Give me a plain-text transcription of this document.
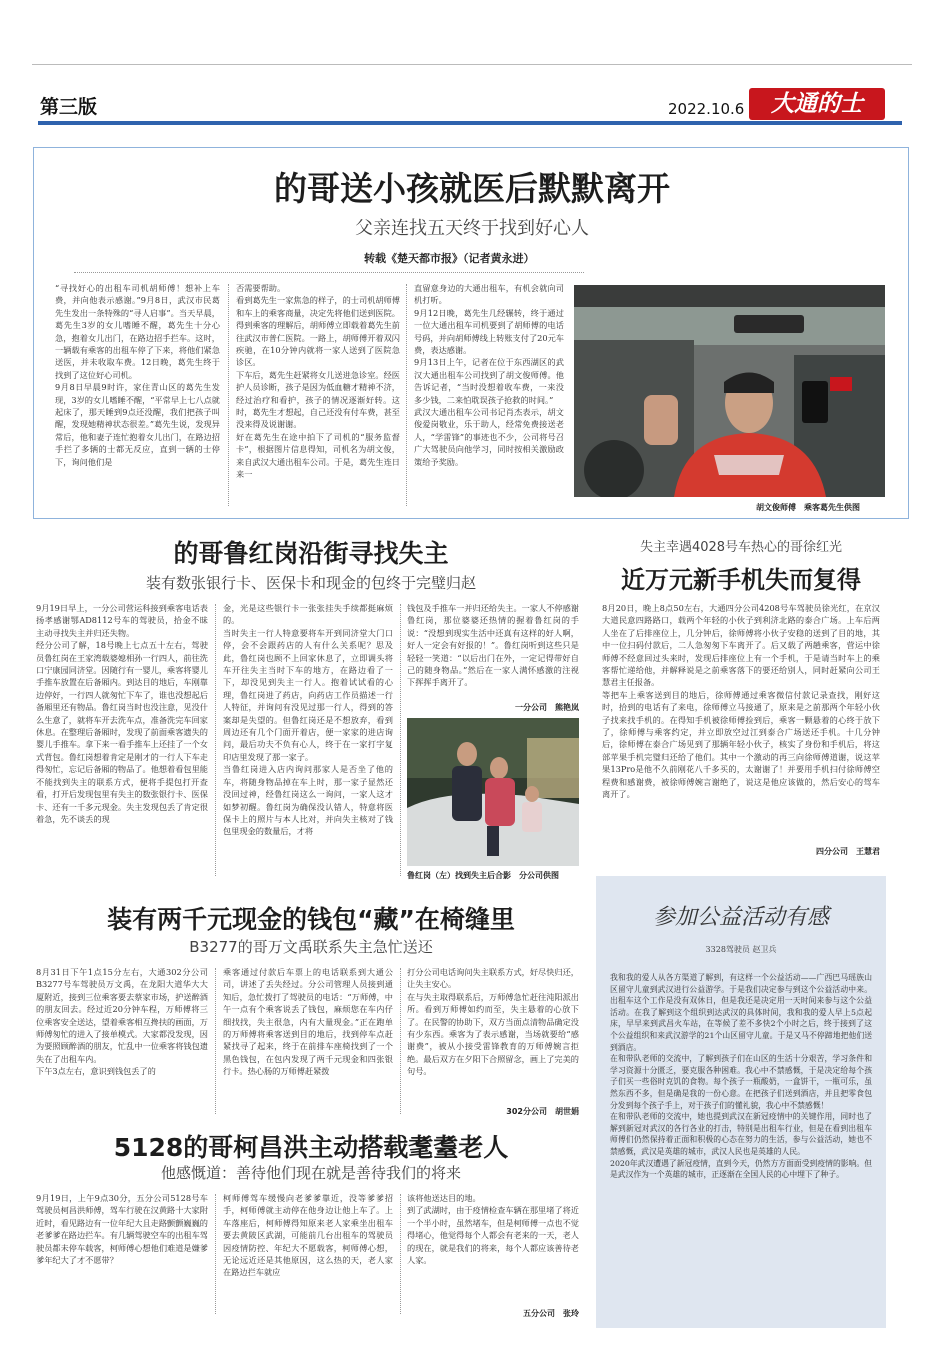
第三版	2022.10.6	大通的士
的哥送小孩就医后默默离开
父亲连找五天终于找到好心人
转载《楚天都市报》（记者黄永进）
“寻找好心的出租车司机胡师傅！想补上车费，并向他表示感谢。”9月8日，武汉市民葛先生发出一条特殊的“寻人启事”。当天早晨，葛先生3岁的女儿嗜睡不醒，葛先生十分心急，抱着女儿出门，在路边招手拦车。这时，一辆载有乘客的出租车停了下来，将他们紧急送医，并未收取车费。12日晚，葛先生终于找到了这位好心司机。
9月8日早晨9时许，家住青山区的葛先生发现，3岁的女儿嗜睡不醒，“平常早上七八点就起床了，那天睡到9点还没醒，我们把孩子叫醒，发现她精神状态很差。”葛先生说，发现异常后，他和妻子连忙抱着女儿出门，在路边招手拦了多辆的士都无反应，直到一辆的士停下，询问他们是
否需要帮助。
看到葛先生一家焦急的样子，的士司机胡师傅和车上的乘客商量，决定先将他们送到医院。得到乘客的理解后，胡师傅立即载着葛先生前往武汉市普仁医院。一路上，胡师傅开着双闪疾驰，在10分钟内就将一家人送到了医院急诊区。
下车后，葛先生赶紧将女儿送进急诊室。经医护人员诊断，孩子是因为低血糖才精神不济，经过治疗和看护，孩子的情况逐渐好转。这时，葛先生才想起，自己还没有付车费，甚至没来得及说谢谢。
好在葛先生在途中拍下了司机的“服务监督卡”，根据图片信息得知，司机名为胡文俊，来自武汉大通出租车公司。于是，葛先生连日来一
直留意身边的大通出租车，有机会就向司机打听。
9月12日晚，葛先生几经辗转，终于通过一位大通出租车司机要到了胡师傅的电话号码，并向胡师傅线上转账支付了20元车费，表达感谢。
9月13日上午，记者在位于东西湖区的武汉大通出租车公司找到了胡文俊师傅。他告诉记者，“当时没想着收车费，一来没多少钱，二来怕耽误孩子抢救的时间。”
武汉大通出租车公司书记肖杰表示，胡文俊爱岗敬业，乐于助人，经常免费接送老人，“学雷锋”的事迹也不少，公司将号召广大驾驶员向他学习，同时按相关激励政策给予奖励。
胡文俊师傅　乘客葛先生供图
的哥鲁红岗沿街寻找失主
装有数张银行卡、医保卡和现金的包终于完璧归赵
9月19日早上，一分公司营运科接到乘客电话表扬孝感谢鄂AD8112号车的驾驶员，拾金不昧主动寻找失主并归还失物。
经分公司了解，18号晚上七点五十左右，驾驶员鲁红岗在王家湾载婆媳相孙一行四人，前往洗口宁康园同济堂。因随行有一婴儿，乘客将婴儿手推车放置在后备厢内。到达目的地后，车刚靠边停好，一行四人就匆忙下车了，谁也没想起后备厢里还有物品。鲁红岗当时也没注意，见没什么生意了，就将车开去洗车点，准备洗完车回家休息。在整理后备厢时，发现了前面乘客遗失的婴儿手推车。拿下来一看手推车上还挂了一个女式背包。鲁红岗想着肯定是刚才的一行人下车走得匆忙，忘记后备厢的物品了。他想着看包里能不能找到失主的联系方式，便将手提包打开查看，打开后发现包里有失主的数张银行卡、医保卡、还有一千多元现金。失主发现包丢了肯定很着急，先不谈丢的现
金，光是这些银行卡一张张挂失手续都挺麻烦的。
当时失主一行人特意要将车开到同济堂大门口停，会不会跟药店的人有什么关系呢？思及此，鲁红岗也顾不上回家休息了，立即调头将车开往失主当时下车的地方，在路边看了一下，却没见到失主一行人。抱着试试看的心理，鲁红岗进了药店，向药店工作员描述一行人特征，并询问有没见过那一行人，得到的答案却是失望的。但鲁红岗还是不想放弃，看到周边还有几个门面开着店，便一家家的进店询问，最后功夫不负有心人，终于在一家打字复印店里发现了那一家子。
当鲁红岗进入店内询问那家人是否坐了他的车，将随身物品掉在车上时，那一家子显然还没回过神，经鲁红岗这么一询问，一家人这才如梦初醒。鲁红岗为确保没认错人，特意将医保卡上的照片与本人比对，并向失主核对了钱包里现金的数量后，才将
钱包及手推车一并归还给失主。一家人不停感谢鲁红岗，那位婆婆还热情的握着鲁红岗的手说：“没想到现实生活中还真有这样的好人啊，好人一定会有好报的！”。鲁红岗听到这些只是轻轻一笑道：“以后出门在外，一定记得带好自己的随身物品。”然后在一家人满怀感激的注视下挥挥手离开了。
一分公司　熊艳岚
鲁红岗（左）找到失主后合影　分公司供图
失主幸遇4028号车热心的哥徐红光
近万元新手机失而复得
8月20日，晚上8点50左右，大通四分公司4208号车驾驶员徐光红，在京汉大道民意四路路口，载两个年轻的小伙子到利济北路的泰合广场。上车后两人坐在了后排座位上，几分钟后，徐师傅将小伙子安稳的送到了目的地，其中一位扫码付款后，二人急匆匆下车离开了。后又载了两趟乘客，营运中徐师傅不经意回过头来时，发现后排座位上有一个手机，于是请当时车上的乘客帮忙递给他，并解释说是之前乘客落下的要还给别人，同时赶紧向公司王慧君主任报备。
等把车上乘客送到目的地后，徐师傅通过乘客微信付款记录查找，刚好这时，拾到的电话有了来电，徐师傅立马接通了，原来是之前那两个年轻小伙子找来找手机的。在得知手机被徐师傅捡到后，乘客一颗悬着的心终于放下了，徐师傅与乘客约定，并立即放空过江到泰合广场送还手机。十几分钟后，徐师傅在泰合广场见到了那辆年轻小伙子，核实了身份和手机后，将这部苹果手机完璧归还给了他们。其中一个激动的再三向徐师傅道谢，说这苹果13Pro是他不久前刚花八千多买的，太谢谢了！并要用手机扫付徐师傅空程费和感谢费，被徐师傅婉言谢绝了，说这是他应该做的，然后安心的驾车离开了。
四分公司　王慧君
装有两千元现金的钱包“藏”在椅缝里
B3277的哥万文禹联系失主急忙送还
8月31日下午1点15分左右，大通302分公司B3277号车驾驶员万文禹，在龙阳大道华大大厦附近，接到三位乘客要去蔡家市场，护送醉酒的朋友回去。经过近20分钟车程，万师傅将三位乘客安全送达，望着乘客相互搀扶的画面，万师傅匆忙的进入了接单模式。大家都没发现，因为要照顾醉酒的朋友，忙乱中一位乘客将钱包遗失在了出租车内。
下午3点左右，意识到钱包丢了的
乘客通过付款后车票上的电话联系到大通公司，讲述了丢失经过。分公司管理人员接到通知后，急忙拨打了驾驶员的电话：“万师傅，中午一点有个乘客说丢了钱包，麻烦您在车内仔细找找，失主很急，内有大量现金。”正在跑单的万师傅将乘客送到目的地后，找到停车点赶紧找寻了起来，终于在前排车座椅找到了一个黑色钱包，在包内发现了两千元现金和四张银行卡。热心肠的万师傅赶紧拨
打分公司电话询问失主联系方式，好尽快归还，让失主安心。
在与失主取得联系后，万师傅急忙赶往沌阳派出所。看到万师傅如约而至，失主悬着的心放下了。在民警的协助下，双方当面点清物品确定没有少东西。乘客为了表示感谢，当场就要给“感谢费”，被从小接受雷锋教育的万师傅婉言拒绝。最后双方在夕阳下合照留念，画上了完美的句号。
302分公司　胡世娟
5128的哥柯昌洪主动搭载耄耋老人
他感慨道：善待他们现在就是善待我们的将来
9月19日，上午9点30分，五分公司5128号车驾驶员柯昌洪师傅，驾车行驶在汉黄路十大家附近时，看见路边有一位年纪大且走路颤颤巍巍的老爹爹在路边拦车。有几辆驾驶空车的出租车驾驶员都未停车载客，柯师傅心想他们难道是嫌爹爹年纪大了才不愿带？
柯师傅驾车缓慢向老爹爹靠近，没等爹爹招手，柯师傅就主动停在他身边让他上车了。上车落座后，柯师傅得知原来老人家乘坐出租车要去黄陂区武湖，可能前几台出租车的驾驶员因疫情防控、年纪大不愿载客，柯师傅心想，无论远近还是其他原因，这么热的天，老人家在路边拦车就应
该将他送达目的地。
到了武湖时，由于疫情检查车辆在那里堵了将近一个半小时，虽然堵车，但是柯师傅一点也不觉得堵心，他觉得每个人都会有老来的一天，老人的现在，就是我们的将来，每个人都应该善待老人家。
五分公司　张玲
参加公益活动有感
3328驾驶员 赵卫兵
我和我的爱人从各方渠道了解到，有这样一个公益活动——广西巴马瑶族山区留守儿童到武汉进行公益游学。于是我们决定参与到这个公益活动中来。出租车这个工作是没有双休日，但是我还是决定用一天时间来参与这个公益活动。在我了解到这个组织到达武汉的具体时间，我和我的爱人早上5点起床，早早来到武昌火车站，在等候了差不多快2个小时之后，终于接到了这个公益组织和来武汉游学的21个山区留守儿童。于是又马不停蹄地把他们送到酒店。
在和带队老师的交流中，了解到孩子们在山区的生活十分艰苦，学习条件和学习资源十分匮乏，要克服各种困难。我心中不禁感慨，于是决定给每个孩子们买一些俗时克饥的食物。每个孩子一瓶酸奶，一盒饼干，一瓶可乐，虽然东西不多，但是确是我的一份心意。在把孩子们送到酒店，并且把零食包分发到每个孩子手上，对于孩子们的懂礼貌，我心中不禁感慨！
在和带队老师的交流中，她也提到武汉在新冠疫情中的关键作用，同时也了解到新冠对武汉的各行各业的打击，特别是出租车行业，但是在看到出租车师傅们仍然保持着正面和积极的心态在努力的生活，参与公益活动，她也不禁感慨，武汉是英雄的城市，武汉人民也是英雄的人民。
2020年武汉遭遇了新冠疫情，直到今天，仍然方方面面受到疫情的影响。但是武汉作为一个英雄的城市，正逐渐在全国人民的心中埋下了种子。
